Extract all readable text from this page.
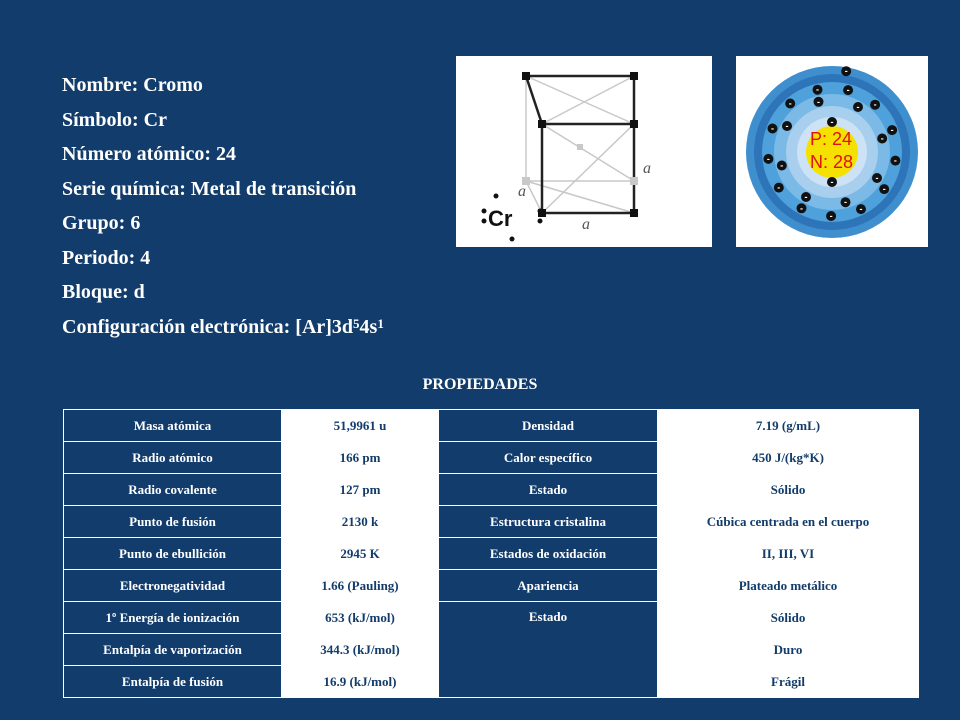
Nombre: Cromo
Símbolo: Cr
Número atómico: 24
Serie química: Metal de transición
Grupo: 6
Periodo: 4
Bloque: d
Configuración electrónica: $[Ar]3d^54s^1$
a
a
a
Cr
P: 24
N: 28
-
-
-
-
-
-
-
-
-
-
-
-
-
-
-
-
-
-
-
-
-
-
-
-
PROPIEDADES
Masa atómica	51,9961 u	Densidad	7.19 (g/mL)
Radio atómico	166 pm	Calor específico	450 J/(kg*K)
Radio covalente	127 pm	Estado	Sólido
Punto de fusión	2130 k	Estructura cristalina	Cúbica centrada en el cuerpo
Punto de ebullición	2945 K	Estados de oxidación	II, III, VI
Electronegatividad	1.66 (Pauling)	Apariencia	Plateado metálico
1º Energía de ionización	653 (kJ/mol)	Estado	Sólido
Entalpía de vaporización	344.3 (kJ/mol)		Duro
Entalpía de fusión	16.9 (kJ/mol)		Frágil
